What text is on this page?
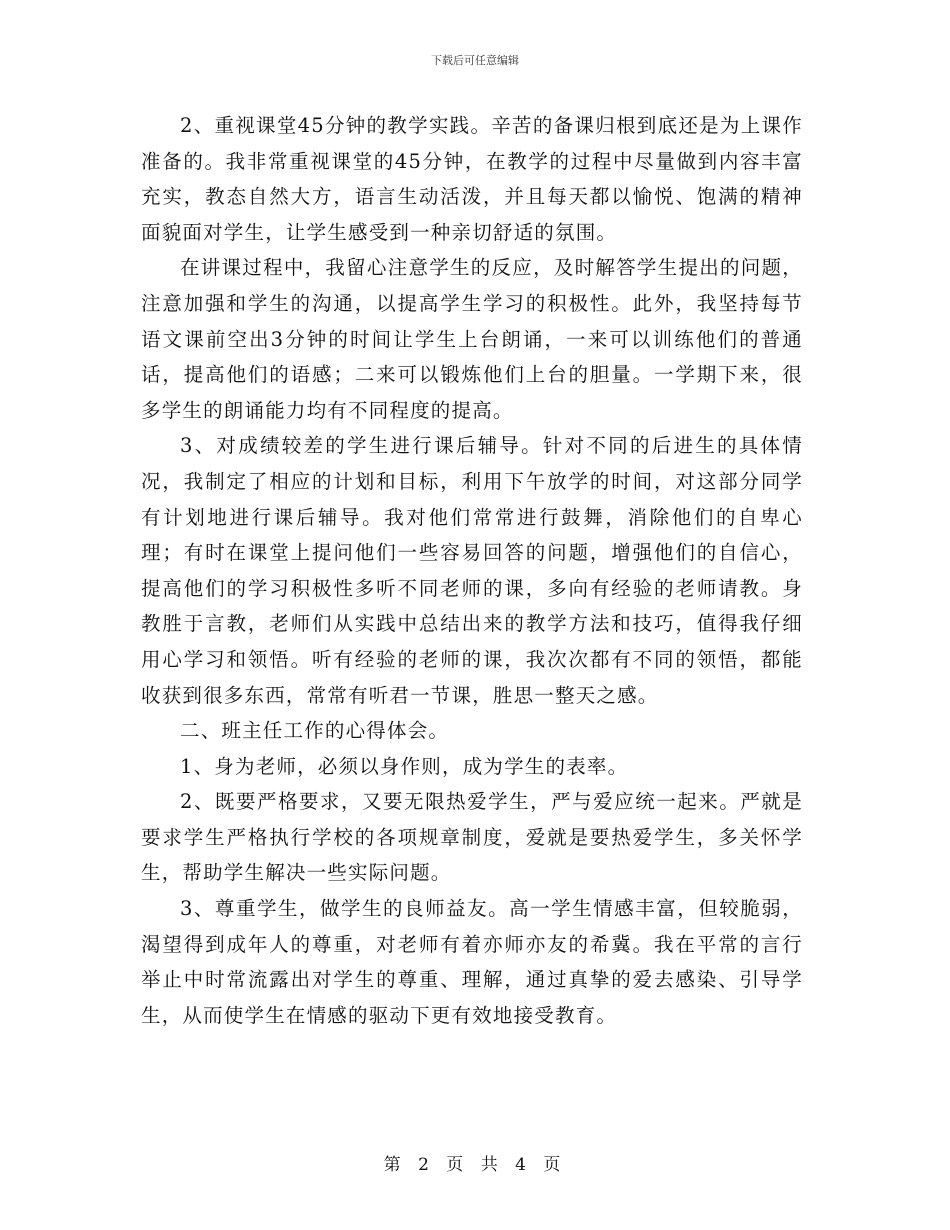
下载后可任意编辑

2、重视课堂45分钟的教学实践。辛苦的备课归根到底还是为上课作准备的。我非常重视课堂的45分钟，在教学的过程中尽量做到内容丰富充实，教态自然大方，语言生动活泼，并且每天都以愉悦、饱满的精神面貌面对学生，让学生感受到一种亲切舒适的氛围。

在讲课过程中，我留心注意学生的反应，及时解答学生提出的问题，注意加强和学生的沟通，以提高学生学习的积极性。此外，我坚持每节语文课前空出3分钟的时间让学生上台朗诵，一来可以训练他们的普通话，提高他们的语感；二来可以锻炼他们上台的胆量。一学期下来，很多学生的朗诵能力均有不同程度的提高。

3、对成绩较差的学生进行课后辅导。针对不同的后进生的具体情况，我制定了相应的计划和目标，利用下午放学的时间，对这部分同学有计划地进行课后辅导。我对他们常常进行鼓舞，消除他们的自卑心理；有时在课堂上提问他们一些容易回答的问题，增强他们的自信心，提高他们的学习积极性多听不同老师的课，多向有经验的老师请教。身教胜于言教，老师们从实践中总结出来的教学方法和技巧，值得我仔细用心学习和领悟。听有经验的老师的课，我次次都有不同的领悟，都能收获到很多东西，常常有听君一节课，胜思一整天之感。

二、班主任工作的心得体会。

1、身为老师，必须以身作则，成为学生的表率。

2、既要严格要求，又要无限热爱学生，严与爱应统一起来。严就是要求学生严格执行学校的各项规章制度，爱就是要热爱学生，多关怀学生，帮助学生解决一些实际问题。

3、尊重学生，做学生的良师益友。高一学生情感丰富，但较脆弱，渴望得到成年人的尊重，对老师有着亦师亦友的希冀。我在平常的言行举止中时常流露出对学生的尊重、理解，通过真挚的爱去感染、引导学生，从而使学生在情感的驱动下更有效地接受教育。

第 2 页 共 4 页
